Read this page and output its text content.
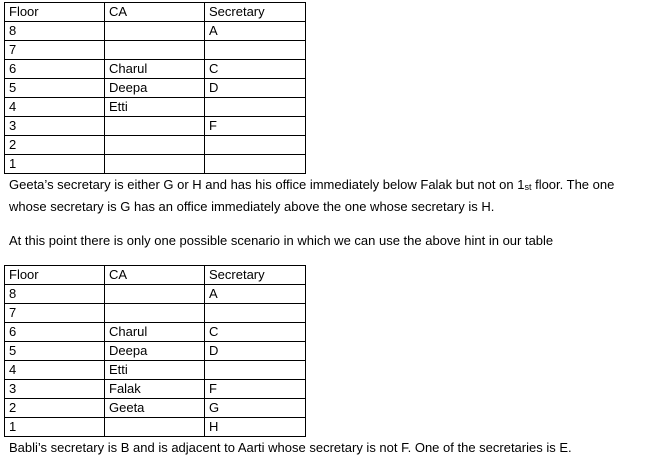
Floor	CA	Secretary
8		A
7		
6	Charul	C
5	Deepa	D
4	Etti	
3		F
2		
1		
Geeta’s secretary is either G or H and has his office immediately below Falak but not on $1_{st}$ floor. The one
whose secretary is G has an office immediately above the one whose secretary is H.
At this point there is only one possible scenario in which we can use the above hint in our table
Floor	CA	Secretary
8		A
7		
6	Charul	C
5	Deepa	D
4	Etti	
3	Falak	F
2	Geeta	G
1		H
Babli’s secretary is B and is adjacent to Aarti whose secretary is not F. One of the secretaries is E.
